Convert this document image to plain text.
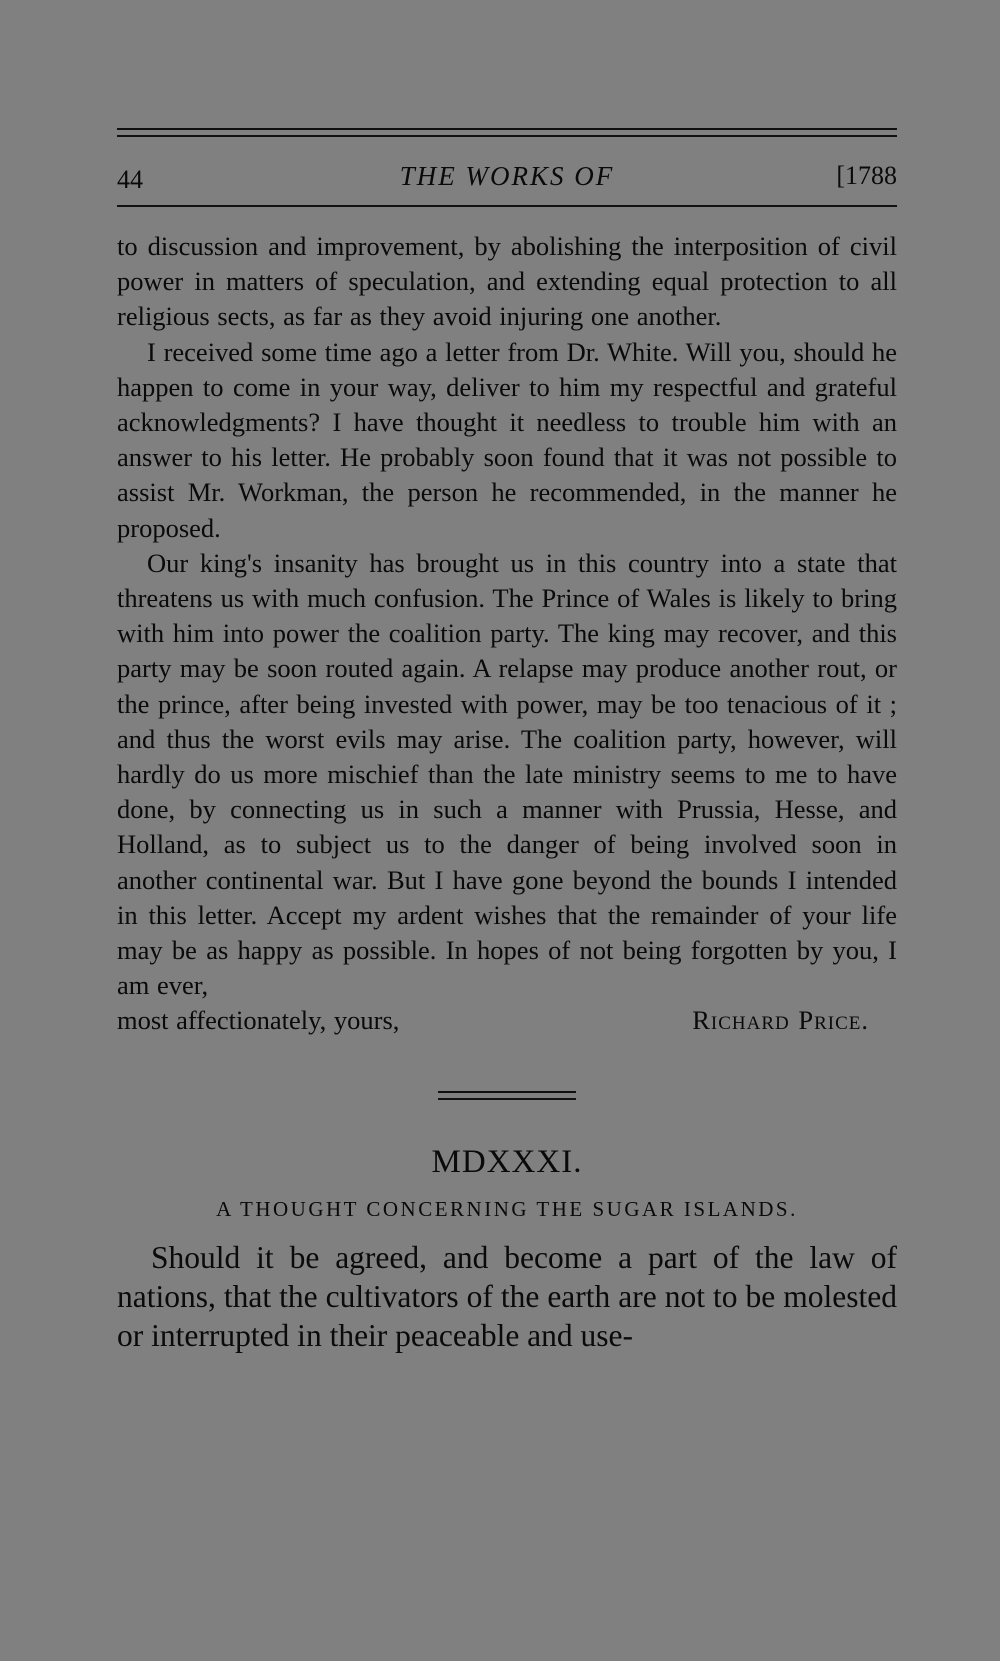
44	THE WORKS OF	[1788

to discussion and improvement, by abolishing the interposition of civil power in matters of speculation, and extending equal protection to all religious sects, as far as they avoid injuring one another.

I received some time ago a letter from Dr. White. Will you, should he happen to come in your way, deliver to him my respectful and grateful acknowledgments? I have thought it needless to trouble him with an answer to his letter. He probably soon found that it was not possible to assist Mr. Workman, the person he recommended, in the manner he proposed.

Our king's insanity has brought us in this country into a state that threatens us with much confusion. The Prince of Wales is likely to bring with him into power the coalition party. The king may recover, and this party may be soon routed again. A relapse may produce another rout, or the prince, after being invested with power, may be too tenacious of it ; and thus the worst evils may arise. The coalition party, however, will hardly do us more mischief than the late ministry seems to me to have done, by connecting us in such a manner with Prussia, Hesse, and Holland, as to subject us to the danger of being involved soon in another continental war. But I have gone beyond the bounds I intended in this letter. Accept my ardent wishes that the remainder of your life may be as happy as possible. In hopes of not being forgotten by you, I am ever,

most affectionately, yours,	Richard Price.
MDXXXI.
A THOUGHT CONCERNING THE SUGAR ISLANDS.

Should it be agreed, and become a part of the law of nations, that the cultivators of the earth are not to be molested or interrupted in their peaceable and use-
